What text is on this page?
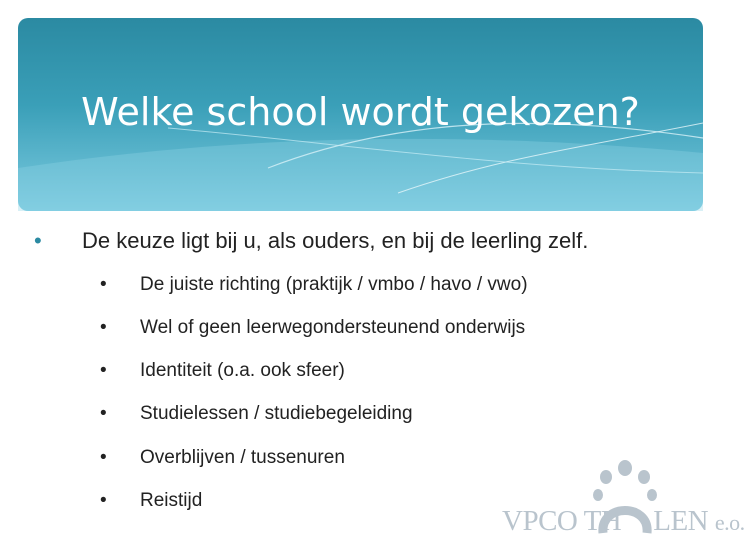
Welke school wordt gekozen?
• De keuze ligt bij u, als ouders, en bij de leerling zelf.
• De juiste richting (praktijk / vmbo / havo / vwo)
• Wel of geen leerwegondersteunend onderwijs
• Identiteit (o.a. ook sfeer)
• Studielessen / studiebegeleiding
• Overblijven / tussenuren
• Reistijd
VPCO TH LEN e.o.
